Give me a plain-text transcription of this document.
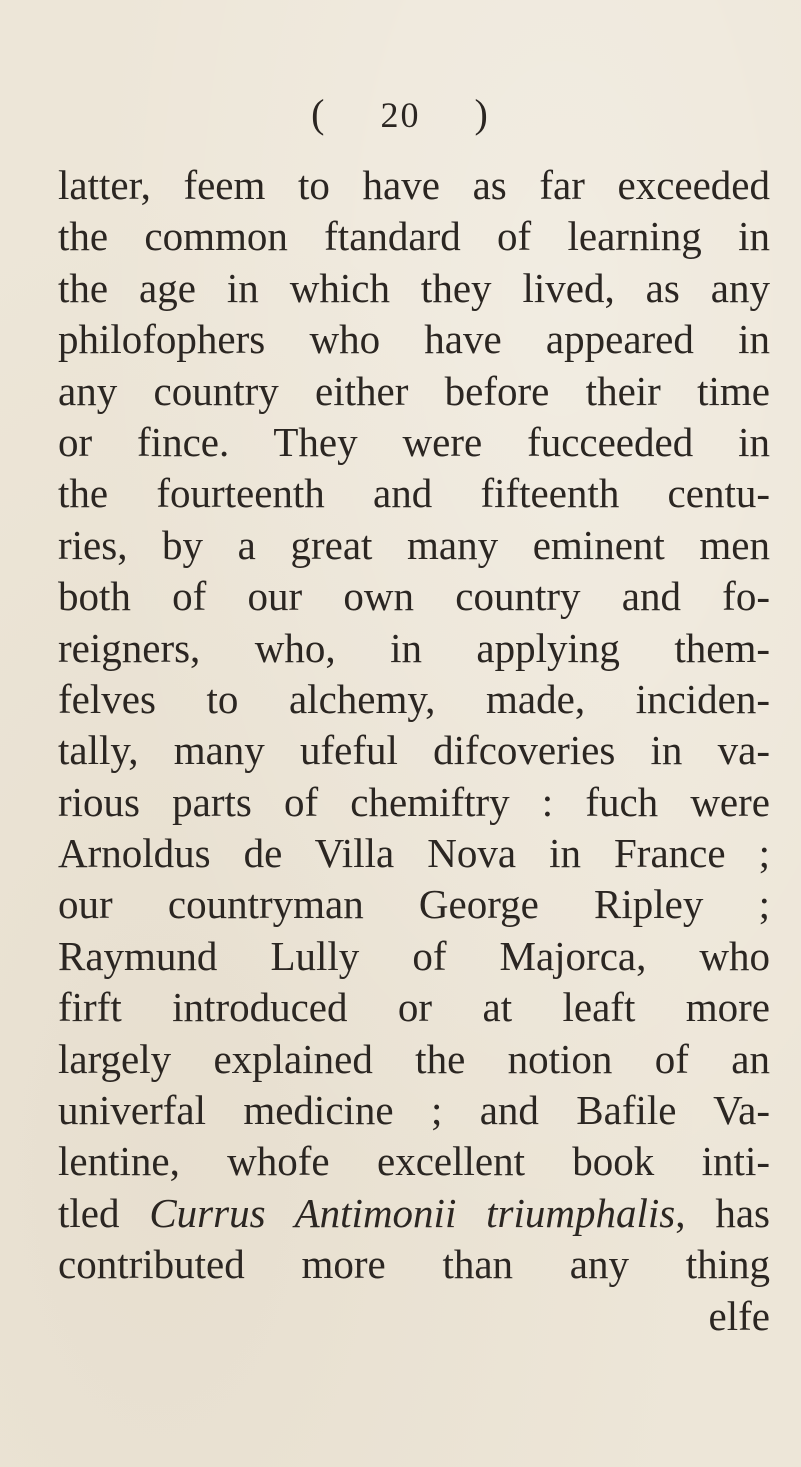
( 20 )
latter, feem to have as far exceeded
the common ftandard of learning in
the age in which they lived, as any
philofophers who have appeared in
any country either before their time
or fince. They were fucceeded in
the fourteenth and fifteenth centu-
ries, by a great many eminent men
both of our own country and fo-
reigners, who, in applying them-
felves to alchemy, made, inciden-
tally, many ufeful difcoveries in va-
rious parts of chemiftry : fuch were
Arnoldus de Villa Nova in France ;
our countryman George Ripley ;
Raymund Lully of Majorca, who
firft introduced or at leaft more
largely explained the notion of an
univerfal medicine ; and Bafile Va-
lentine, whofe excellent book inti-
tled Currus Antimonii triumphalis, has
contributed more than any thing
elfe
